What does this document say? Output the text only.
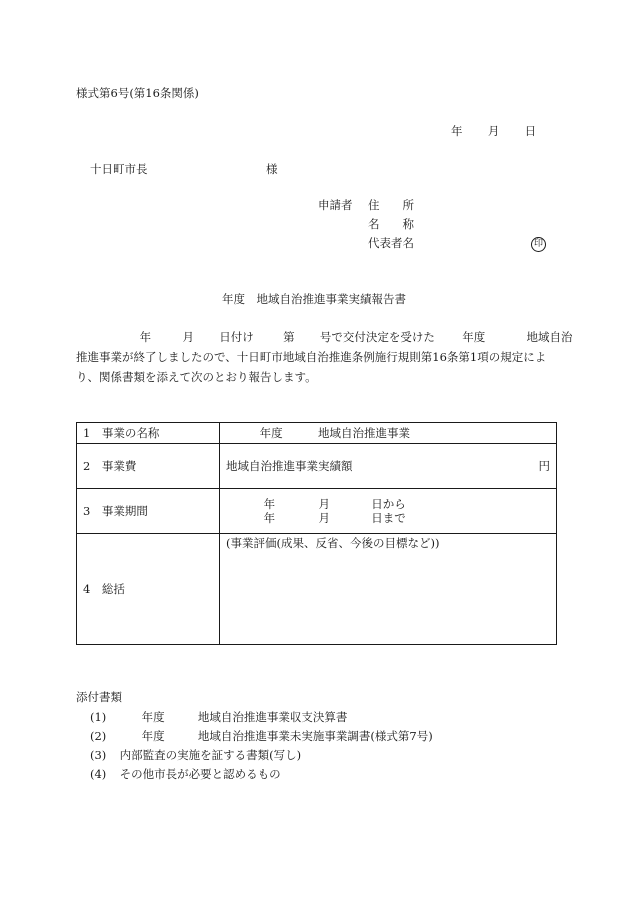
様式第6号(第16条関係)
年 月 日
十日町市長	様
申請者 住　　所
名　　称
代表者名	印
年度　地域自治推進事業実績報告書
年	月 日付け	第 号で交付決定を受けた 年度	地域自治
推進事業が終了しましたので、十日町市地域自治推進条例施行規則第16条第1項の規定によ
り、関係書類を添えて次のとおり報告します。
1　事業の名称	年度 地域自治推進事業
2　事業費	地域自治推進事業実績額 円

3　事業期間	年 月 日から
年 月 日まで

4　総括	(事業評価(成果、反省、今後の目標など))
添付書類
(1)	年度	地域自治推進事業収支決算書
(2)	年度	地域自治推進事業未実施事業調書(様式第7号)
(3) 内部監査の実施を証する書類(写し)
(4) その他市長が必要と認めるもの
